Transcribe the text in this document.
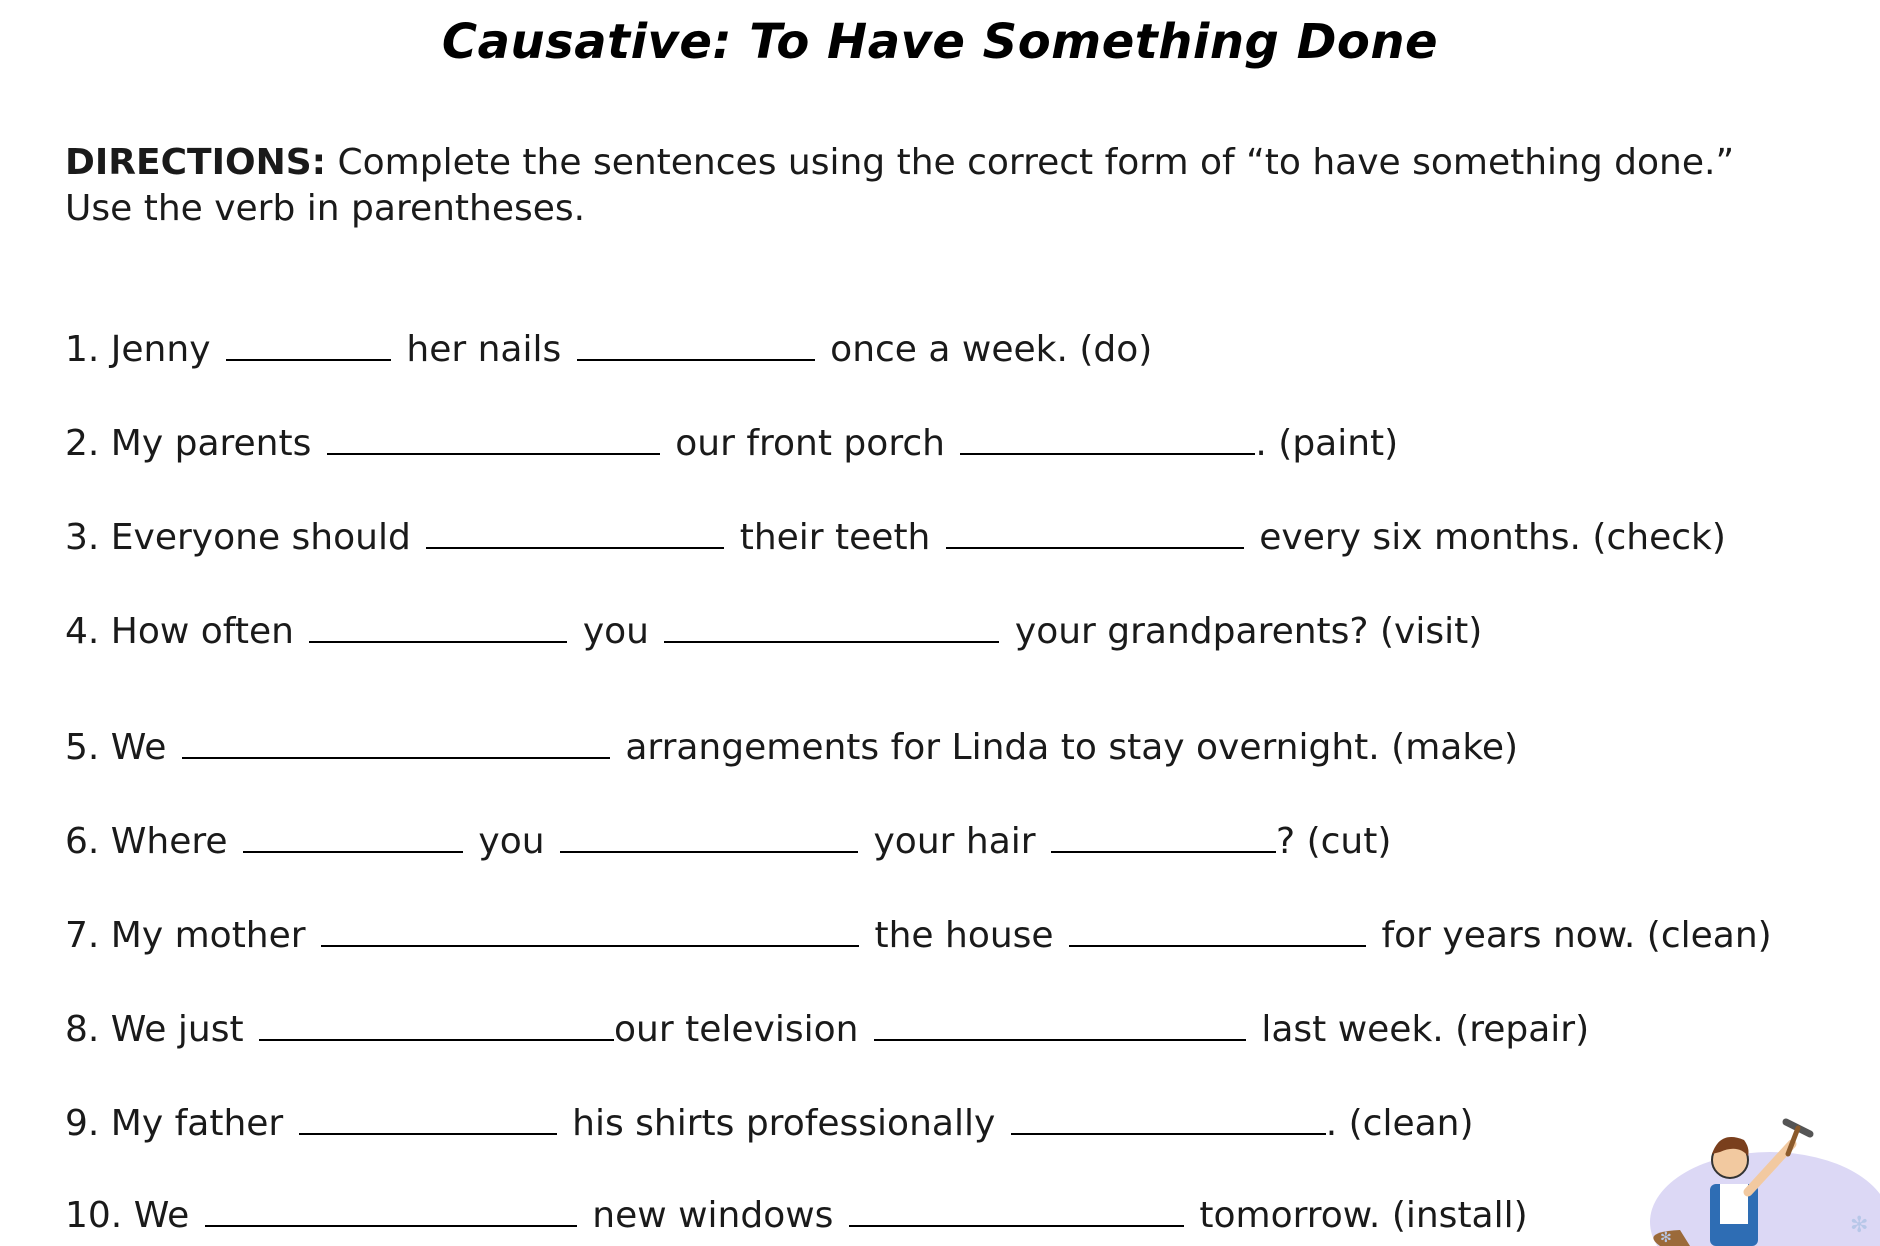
Causative: To Have Something Done
DIRECTIONS: Complete the sentences using the correct form of “to have something done.” Use the verb in parentheses.
1. Jenny	her nails	once a week. (do)
2. My parents	our front porch	. (paint)
3. Everyone should	their teeth	every six months. (check)
4. How often	you	your grandparents? (visit)
5. We	arrangements for Linda to stay overnight. (make)
6. Where	you	your hair	? (cut)
7. My mother	the house	for years now. (clean)
8. We just	our television	last week. (repair)
9. My father	his shirts professionally	. (clean)
10. We	new windows	tomorrow. (install)	✻
✻
